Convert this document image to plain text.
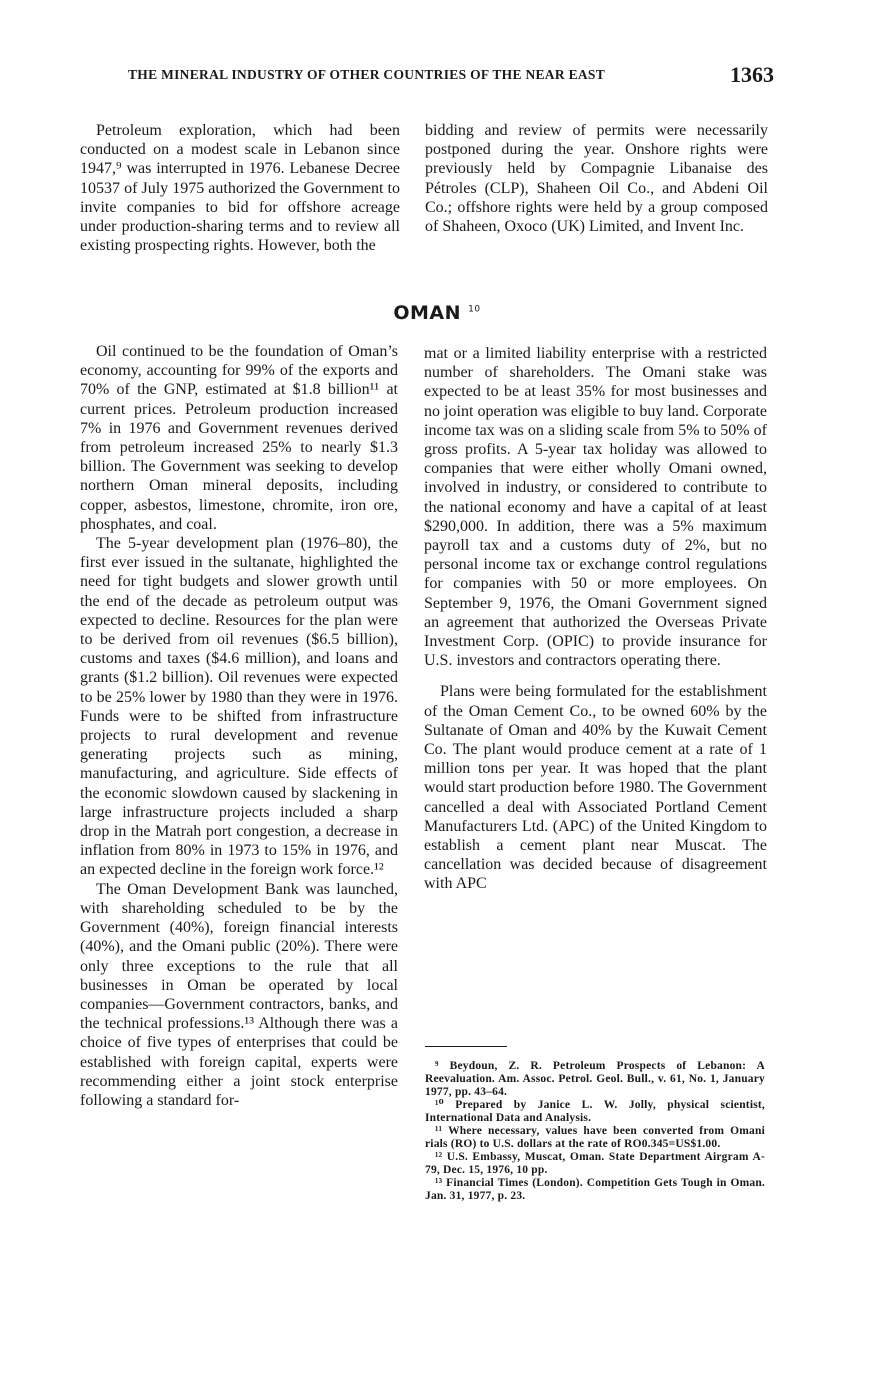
THE MINERAL INDUSTRY OF OTHER COUNTRIES OF THE NEAR EAST	1363

Petroleum exploration, which had been conducted on a modest scale in Lebanon since 1947,⁹ was interrupted in 1976. Lebanese Decree 10537 of July 1975 authorized the Government to invite companies to bid for offshore acreage under production-sharing terms and to review all existing prospecting rights. However, both the

bidding and review of permits were necessarily postponed during the year. Onshore rights were previously held by Compagnie Libanaise des Pétroles (CLP), Shaheen Oil Co., and Abdeni Oil Co.; offshore rights were held by a group composed of Shaheen, Oxoco (UK) Limited, and Invent Inc.

OMAN $^{10}$

Oil continued to be the foundation of Oman’s economy, accounting for 99% of the exports and 70% of the GNP, estimated at $1.8 billion¹¹ at current prices. Petroleum production increased 7% in 1976 and Government revenues derived from petroleum increased 25% to nearly $1.3 billion. The Government was seeking to develop northern Oman mineral deposits, including copper, asbestos, limestone, chromite, iron ore, phosphates, and coal.

The 5-year development plan (1976–80), the first ever issued in the sultanate, highlighted the need for tight budgets and slower growth until the end of the decade as petroleum output was expected to decline. Resources for the plan were to be derived from oil revenues ($6.5 billion), customs and taxes ($4.6 million), and loans and grants ($1.2 billion). Oil revenues were expected to be 25% lower by 1980 than they were in 1976. Funds were to be shifted from infrastructure projects to rural development and revenue generating projects such as mining, manufacturing, and agriculture. Side effects of the economic slowdown caused by slackening in large infrastructure projects included a sharp drop in the Matrah port congestion, a decrease in inflation from 80% in 1973 to 15% in 1976, and an expected decline in the foreign work force.¹²

The Oman Development Bank was launched, with shareholding scheduled to be by the Government (40%), foreign financial interests (40%), and the Omani public (20%). There were only three exceptions to the rule that all businesses in Oman be operated by local companies—Government contractors, banks, and the technical professions.¹³ Although there was a choice of five types of enterprises that could be established with foreign capital, experts were recommending either a joint stock enterprise following a standard for-

mat or a limited liability enterprise with a restricted number of shareholders. The Omani stake was expected to be at least 35% for most businesses and no joint operation was eligible to buy land. Corporate income tax was on a sliding scale from 5% to 50% of gross profits. A 5-year tax holiday was allowed to companies that were either wholly Omani owned, involved in industry, or considered to contribute to the national economy and have a capital of at least $290,000. In addition, there was a 5% maximum payroll tax and a customs duty of 2%, but no personal income tax or exchange control regulations for companies with 50 or more employees. On September 9, 1976, the Omani Government signed an agreement that authorized the Overseas Private Investment Corp. (OPIC) to provide insurance for U.S. investors and contractors operating there.

Plans were being formulated for the establishment of the Oman Cement Co., to be owned 60% by the Sultanate of Oman and 40% by the Kuwait Cement Co. The plant would produce cement at a rate of 1 million tons per year. It was hoped that the plant would start production before 1980. The Government cancelled a deal with Associated Portland Cement Manufacturers Ltd. (APC) of the United Kingdom to establish a cement plant near Muscat. The cancellation was decided because of disagreement with APC

⁹ Beydoun, Z. R. Petroleum Prospects of Lebanon: A Reevaluation. Am. Assoc. Petrol. Geol. Bull., v. 61, No. 1, January 1977, pp. 43–64.

¹⁰ Prepared by Janice L. W. Jolly, physical scientist, International Data and Analysis.

¹¹ Where necessary, values have been converted from Omani rials (RO) to U.S. dollars at the rate of RO0.345=US$1.00.

¹² U.S. Embassy, Muscat, Oman. State Department Airgram A-79, Dec. 15, 1976, 10 pp.

¹³ Financial Times (London). Competition Gets Tough in Oman. Jan. 31, 1977, p. 23.
